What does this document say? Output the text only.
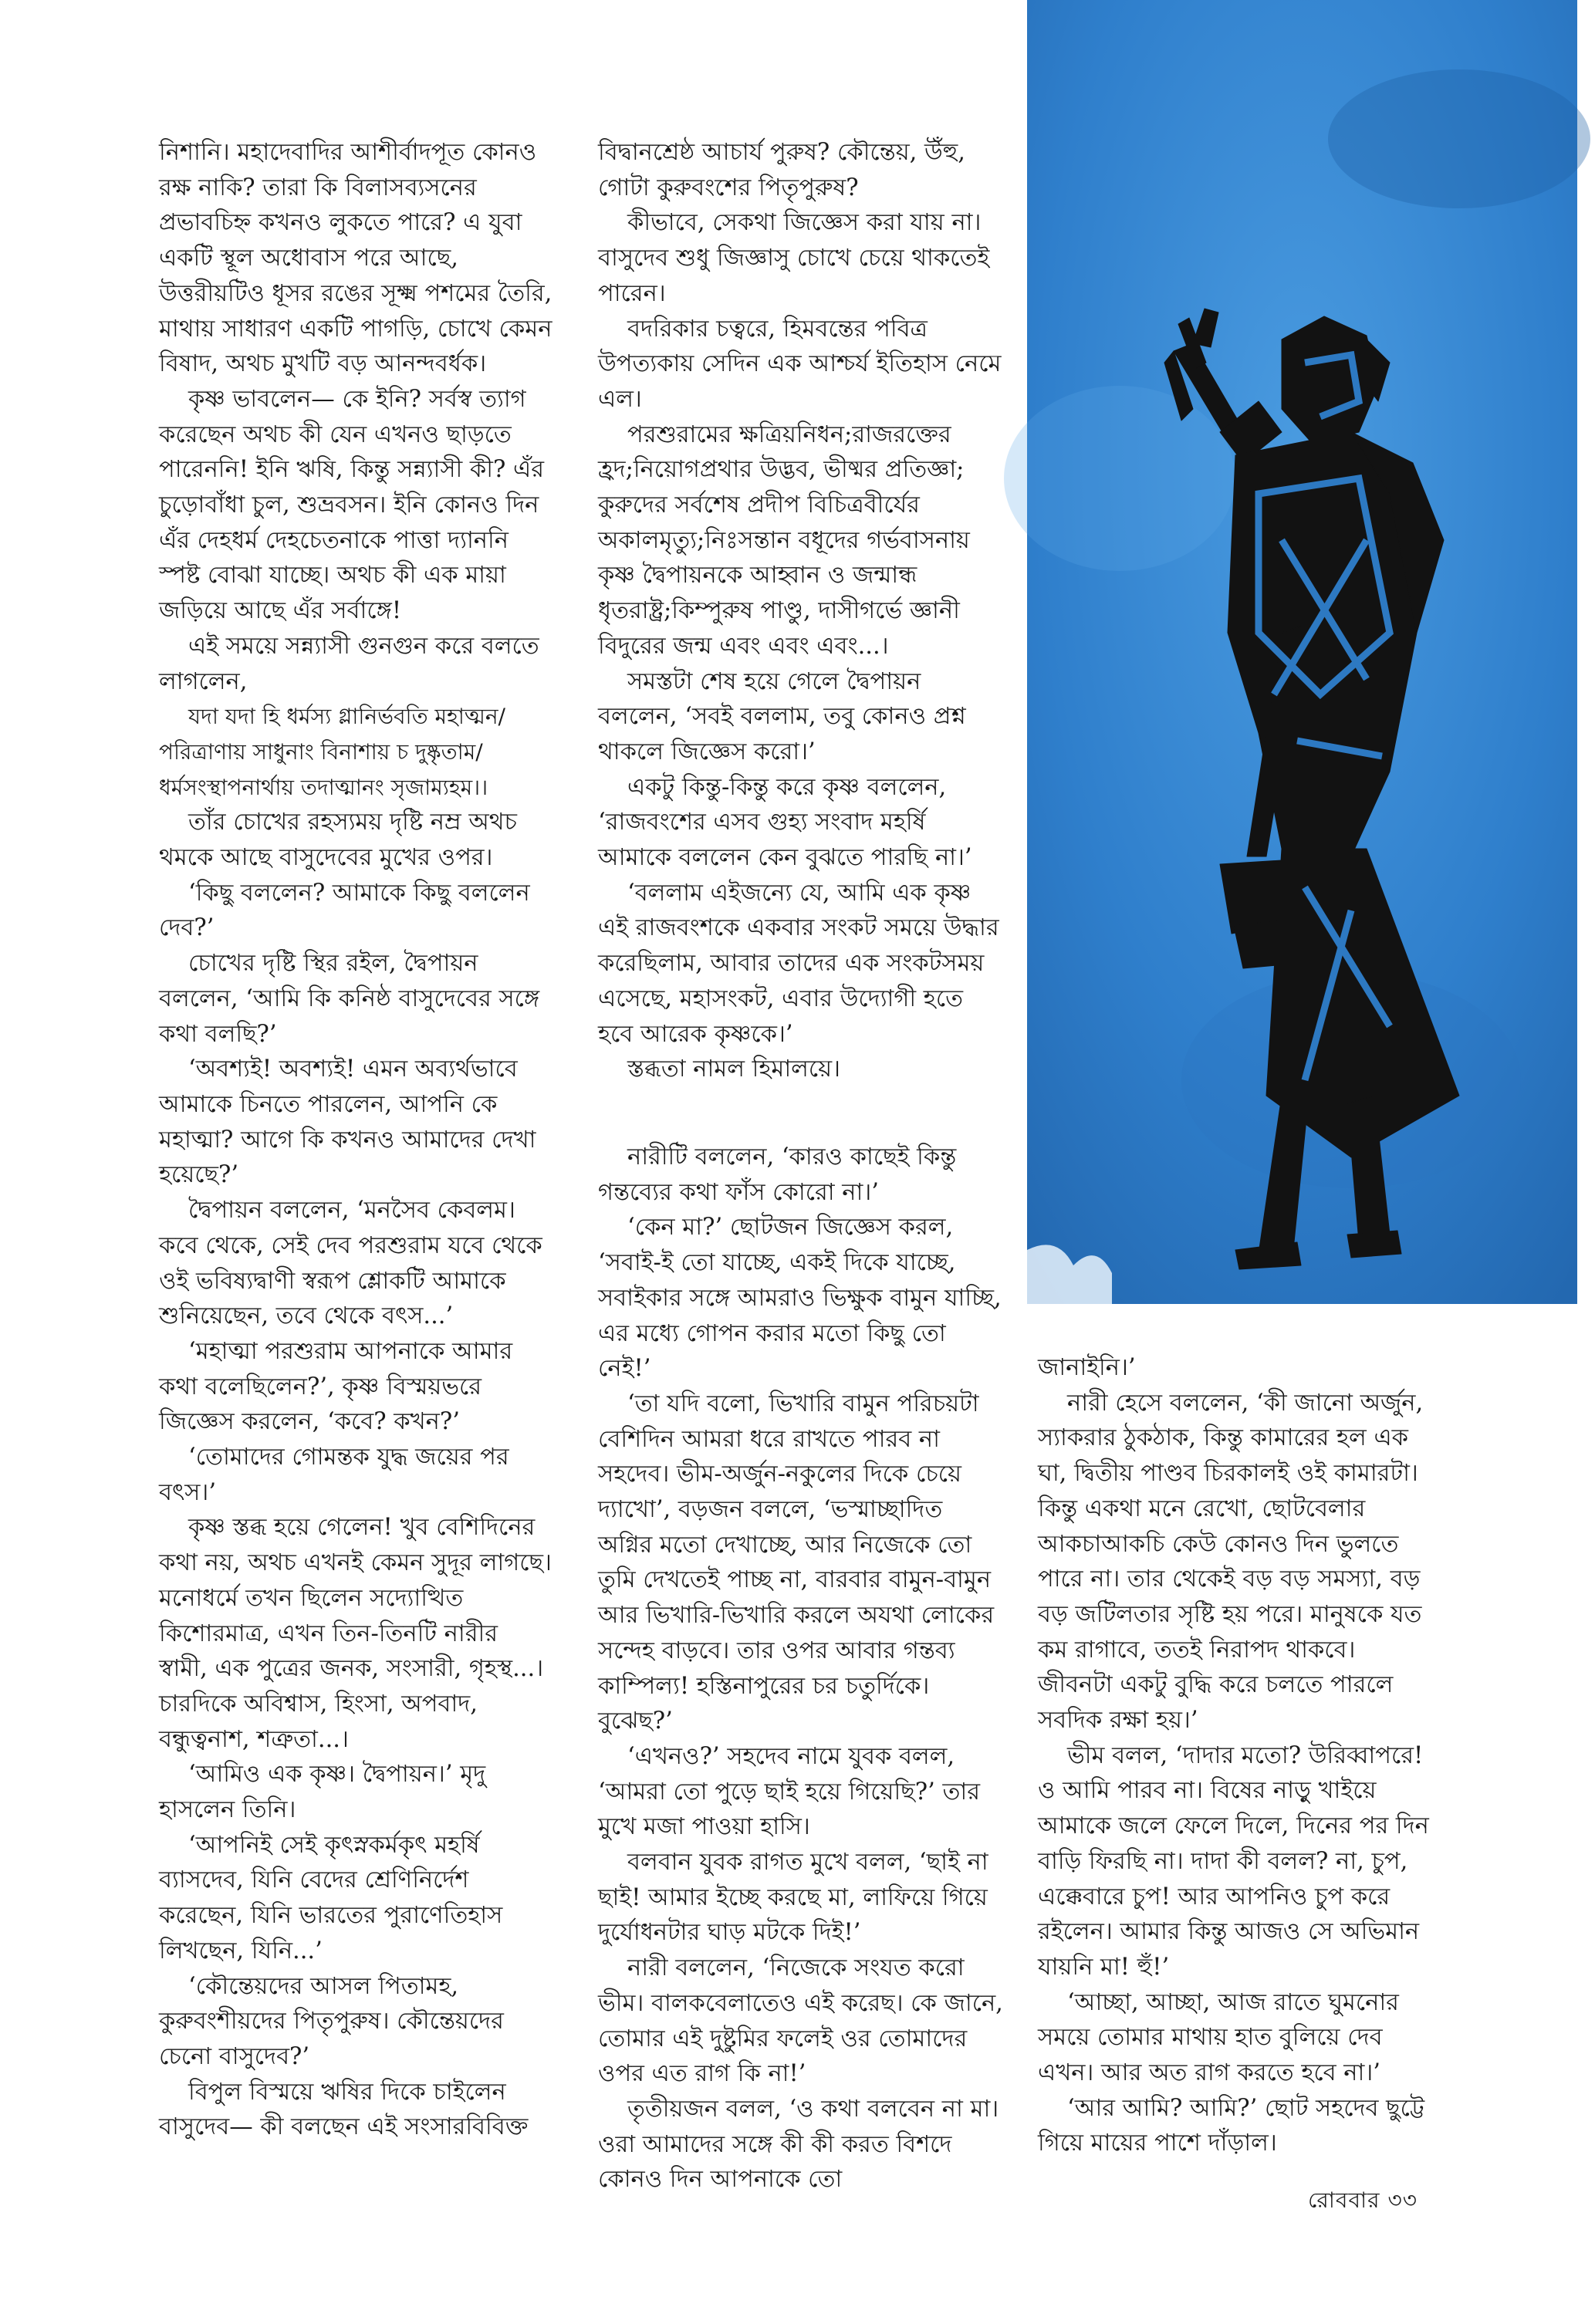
নিশানি। মহাদেবাদির আশীর্বাদপূত কোনও রক্ষ নাকি? তারা কি বিলাসব্যসনের প্রভাবচিহ্ন কখনও লুকতে পারে? এ যুবা একটি স্থূল অধোবাস পরে আছে, উত্তরীয়টিও ধূসর রঙের সূক্ষ্ম পশমের তৈরি, মাথায় সাধারণ একটি পাগড়ি, চোখে কেমন বিষাদ, অথচ মুখটি বড় আনন্দবর্ধক।

কৃষ্ণ ভাবলেন— কে ইনি? সর্বস্ব ত্যাগ করেছেন অথচ কী যেন এখনও ছাড়তে পারেননি! ইনি ঋষি, কিন্তু সন্ন্যাসী কী? এঁর চুড়োবাঁধা চুল, শুভ্রবসন। ইনি কোনও দিন এঁর দেহধর্ম দেহচেতনাকে পাত্তা দ্যাননি স্পষ্ট বোঝা যাচ্ছে। অথচ কী এক মায়া জড়িয়ে আছে এঁর সর্বাঙ্গে!

এই সময়ে সন্ন্যাসী গুনগুন করে বলতে লাগলেন,

যদা যদা হি ধর্মস্য গ্লানির্ভবতি মহাত্মন/

পরিত্রাণায় সাধুনাং বিনাশায় চ দুষ্কৃতাম/

ধর্মসংস্থাপনার্থায় তদাত্মানং সৃজাম্যহম।।

তাঁর চোখের রহস্যময় দৃষ্টি নম্র অথচ থমকে আছে বাসুদেবের মুখের ওপর।

‘কিছু বললেন? আমাকে কিছু বললেন দেব?’

চোখের দৃষ্টি স্থির রইল, দ্বৈপায়ন বললেন, ‘আমি কি কনিষ্ঠ বাসুদেবের সঙ্গে কথা বলছি?’

‘অবশ্যই! অবশ্যই! এমন অব্যর্থভাবে আমাকে চিনতে পারলেন, আপনি কে মহাত্মা? আগে কি কখনও আমাদের দেখা হয়েছে?’

দ্বৈপায়ন বললেন, ‘মনসৈব কেবলম। কবে থেকে, সেই দেব পরশুরাম যবে থেকে ওই ভবিষ্যদ্বাণী স্বরূপ শ্লোকটি আমাকে শুনিয়েছেন, তবে থেকে বৎস...’

‘মহাত্মা পরশুরাম আপনাকে আমার কথা বলেছিলেন?’, কৃষ্ণ বিস্ময়ভরে জিজ্ঞেস করলেন, ‘কবে? কখন?’

‘তোমাদের গোমন্তক যুদ্ধ জয়ের পর বৎস।’

কৃষ্ণ স্তব্ধ হয়ে গেলেন! খুব বেশিদিনের কথা নয়, অথচ এখনই কেমন সুদূর লাগছে। মনোধর্মে তখন ছিলেন সদ্যোত্থিত কিশোরমাত্র, এখন তিন-তিনটি নারীর স্বামী, এক পুত্রের জনক, সংসারী, গৃহস্থ...। চারদিকে অবিশ্বাস, হিংসা, অপবাদ, বন্ধুত্বনাশ, শত্রুতা...।

‘আমিও এক কৃষ্ণ। দ্বৈপায়ন।’ মৃদু হাসলেন তিনি।

‘আপনিই সেই কৃৎস্নকর্মকৃৎ মহর্ষি ব্যাসদেব, যিনি বেদের শ্রেণিনির্দেশ করেছেন, যিনি ভারতের পুরাণেতিহাস লিখছেন, যিনি...’

‘কৌন্তেয়দের আসল পিতামহ, কুরুবংশীয়দের পিতৃপুরুষ। কৌন্তেয়দের চেনো বাসুদেব?’

বিপুল বিস্ময়ে ঋষির দিকে চাইলেন বাসুদেব— কী বলছেন এই সংসারবিবিক্ত

বিদ্বানশ্রেষ্ঠ আচার্য পুরুষ? কৌন্তেয়, উঁহু, গোটা কুরুবংশের পিতৃপুরুষ?

কীভাবে, সেকথা জিজ্ঞেস করা যায় না। বাসুদেব শুধু জিজ্ঞাসু চোখে চেয়ে থাকতেই পারেন।

বদরিকার চত্বরে, হিমবন্তের পবিত্র উপত্যকায় সেদিন এক আশ্চর্য ইতিহাস নেমে এল।

পরশুরামের ক্ষত্রিয়নিধন;রাজরক্তের হ্রদ;নিয়োগপ্রথার উদ্ভব, ভীষ্মর প্রতিজ্ঞা; কুরুদের সর্বশেষ প্রদীপ বিচিত্রবীর্যের অকালমৃত্যু;নিঃসন্তান বধূদের গর্ভবাসনায় কৃষ্ণ দ্বৈপায়নকে আহ্বান ও জন্মান্ধ ধৃতরাষ্ট্র;কিম্পুরুষ পাণ্ডু, দাসীগর্ভে জ্ঞানী বিদুরের জন্ম এবং এবং এবং...।

সমস্তটা শেষ হয়ে গেলে দ্বৈপায়ন বললেন, ‘সবই বললাম, তবু কোনও প্রশ্ন থাকলে জিজ্ঞেস করো।’

একটু কিন্তু-কিন্তু করে কৃষ্ণ বললেন, ‘রাজবংশের এসব গুহ্য সংবাদ মহর্ষি আমাকে বললেন কেন বুঝতে পারছি না।’

‘বললাম এইজন্যে যে, আমি এক কৃষ্ণ এই রাজবংশকে একবার সংকট সময়ে উদ্ধার করেছিলাম, আবার তাদের এক সংকটসময় এসেছে, মহাসংকট, এবার উদ্যোগী হতে হবে আরেক কৃষ্ণকে।’

স্তব্ধতা নামল হিমালয়ে।

নারীটি বললেন, ‘কারও কাছেই কিন্তু গন্তব্যের কথা ফাঁস কোরো না।’

‘কেন মা?’ ছোটজন জিজ্ঞেস করল, ‘সবাই-ই তো যাচ্ছে, একই দিকে যাচ্ছে, সবাইকার সঙ্গে আমরাও ভিক্ষুক বামুন যাচ্ছি, এর মধ্যে গোপন করার মতো কিছু তো নেই!’

‘তা যদি বলো, ভিখারি বামুন পরিচয়টা বেশিদিন আমরা ধরে রাখতে পারব না সহদেব। ভীম-অর্জুন-নকুলের দিকে চেয়ে দ্যাখো’, বড়জন বললে, ‘ভস্মাচ্ছাদিত অগ্নির মতো দেখাচ্ছে, আর নিজেকে তো তুমি দেখতেই পাচ্ছ না, বারবার বামুন-বামুন আর ভিখারি-ভিখারি করলে অযথা লোকের সন্দেহ বাড়বে। তার ওপর আবার গন্তব্য কাম্পিল্য! হস্তিনাপুরের চর চতুর্দিকে। বুঝেছ?’

‘এখনও?’ সহদেব নামে যুবক বলল, ‘আমরা তো পুড়ে ছাই হয়ে গিয়েছি?’ তার মুখে মজা পাওয়া হাসি।

বলবান যুবক রাগত মুখে বলল, ‘ছাই না ছাই! আমার ইচ্ছে করছে মা, লাফিয়ে গিয়ে দুর্যোধনটার ঘাড় মটকে দিই!’

নারী বললেন, ‘নিজেকে সংযত করো ভীম। বালকবেলাতেও এই করেছ। কে জানে, তোমার এই দুষ্টুমির ফলেই ওর তোমাদের ওপর এত রাগ কি না!’

তৃতীয়জন বলল, ‘ও কথা বলবেন না মা। ওরা আমাদের সঙ্গে কী কী করত বিশদে কোনও দিন আপনাকে তো

জানাইনি।’

নারী হেসে বললেন, ‘কী জানো অর্জুন, স্যাকরার ঠুকঠাক, কিন্তু কামারের হল এক ঘা, দ্বিতীয় পাণ্ডব চিরকালই ওই কামারটা। কিন্তু একথা মনে রেখো, ছোটবেলার আকচাআকচি কেউ কোনও দিন ভুলতে পারে না। তার থেকেই বড় বড় সমস্যা, বড় বড় জটিলতার সৃষ্টি হয় পরে। মানুষকে যত কম রাগাবে, ততই নিরাপদ থাকবে। জীবনটা একটু বুদ্ধি করে চলতে পারলে সবদিক রক্ষা হয়।’

ভীম বলল, ‘দাদার মতো? উরিব্বাপরে! ও আমি পারব না। বিষের নাড়ু খাইয়ে আমাকে জলে ফেলে দিলে, দিনের পর দিন বাড়ি ফিরছি না। দাদা কী বলল? না, চুপ, এক্কেবারে চুপ! আর আপনিও চুপ করে রইলেন। আমার কিন্তু আজও সে অভিমান যায়নি মা! হুঁ!’

‘আচ্ছা, আচ্ছা, আজ রাতে ঘুমনোর সময়ে তোমার মাথায় হাত বুলিয়ে দেব এখন। আর অত রাগ করতে হবে না।’

‘আর আমি? আমি?’ ছোট সহদেব ছুট্টে গিয়ে মায়ের পাশে দাঁড়াল।

রোববার ৩৩
